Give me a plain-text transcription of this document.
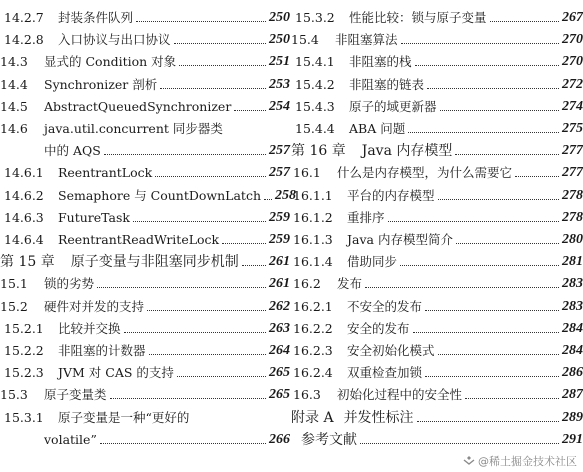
14.2.7	封装条件队列	250
14.2.8	入口协议与出口协议	250
14.3	显式的 Condition 对象	251
14.4	Synchronizer 剖析	253
14.5	AbstractQueuedSynchronizer	254
14.6	java.util.concurrent 同步器类
中的 AQS	257
14.6.1	ReentrantLock	257
14.6.2	Semaphore 与 CountDownLatch 258
14.6.3	FutureTask	259
14.6.4	ReentrantReadWriteLock	259
第 15 章 原子变量与非阻塞同步机制 261
15.1	锁的劣势	261
15.2	硬件对并发的支持	262
15.2.1	比较并交换	263
15.2.2	非阻塞的计数器	264
15.2.3	JVM 对 CAS 的支持	265
15.3	原子变量类	265
15.3.1	原子变量是一种“更好的
volatile”	266
15.3.2	性能比较：锁与原子变量	267
15.4	非阻塞算法	270
15.4.1	非阻塞的栈	270
15.4.2	非阻塞的链表	272
15.4.3	原子的域更新器	274
15.4.4	ABA 问题	275
第 16 章 Java 内存模型	277
16.1	什么是内存模型，为什么需要它	277
16.1.1	平台的内存模型	278
16.1.2	重排序	278
16.1.3	Java 内存模型简介	280
16.1.4	借助同步	281
16.2	发布	283
16.2.1	不安全的发布	283
16.2.2	安全的发布	284
16.2.3	安全初始化模式	284
16.2.4	双重检查加锁	286
16.3	初始化过程中的安全性	287
附录 A 并发性标注	289
参考文献	291
@稀土掘金技术社区
